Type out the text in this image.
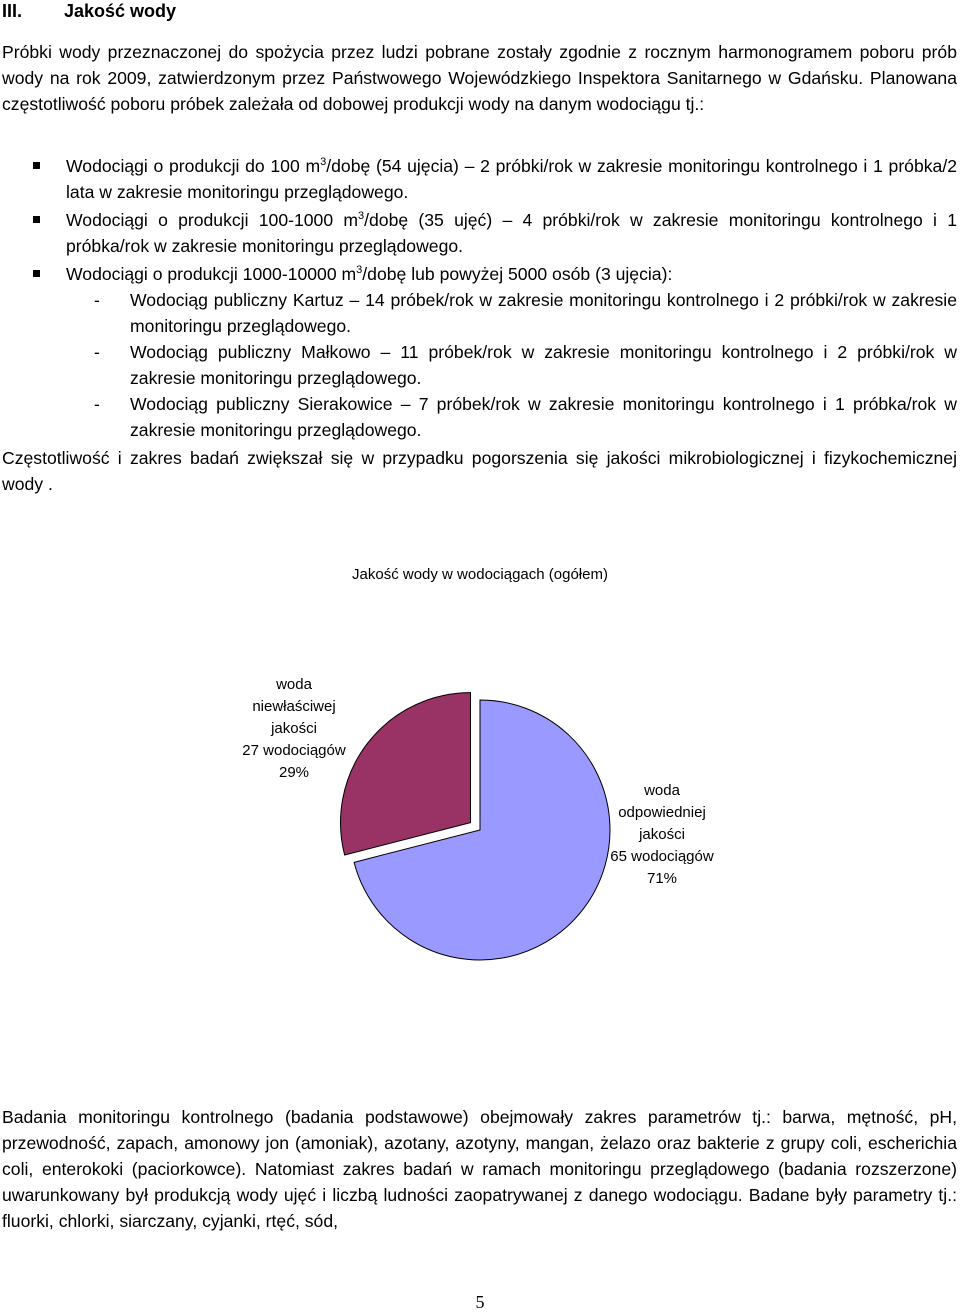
III. Jakość wody
Próbki wody przeznaczonej do spożycia przez ludzi pobrane zostały zgodnie z rocznym harmonogramem poboru prób wody na rok 2009, zatwierdzonym przez Państwowego Wojewódzkiego Inspektora Sanitarnego w Gdańsku. Planowana częstotliwość poboru próbek zależała od dobowej produkcji wody na danym wodociągu tj.:
Wodociągi o produkcji do 100 $m^3$/dobę (54 ujęcia) – 2 próbki/rok w zakresie monitoringu kontrolnego i 1 próbka/2 lata w zakresie monitoringu przeglądowego.
Wodociągi o produkcji 100-1000 $m^3$/dobę (35 ujęć) – 4 próbki/rok w zakresie monitoringu kontrolnego i 1 próbka/rok w zakresie monitoringu przeglądowego.
Wodociągi o produkcji 1000-10000 $m^3$/dobę lub powyżej 5000 osób (3 ujęcia):
- Wodociąg publiczny Kartuz – 14 próbek/rok w zakresie monitoringu kontrolnego i 2 próbki/rok w zakresie monitoringu przeglądowego.
- Wodociąg publiczny Małkowo – 11 próbek/rok w zakresie monitoringu kontrolnego i 2 próbki/rok w zakresie monitoringu przeglądowego.
- Wodociąg publiczny Sierakowice – 7 próbek/rok w zakresie monitoringu kontrolnego i 1 próbka/rok w zakresie monitoringu przeglądowego.
Częstotliwość i zakres badań zwiększał się w przypadku pogorszenia się jakości mikrobiologicznej i fizykochemicznej wody .
Jakość wody w wodociągach (ogółem)
woda
niewłaściwej
jakości
27 wodociągów
29%
woda
odpowiedniej
jakości
65 wodociągów
71%
Badania monitoringu kontrolnego (badania podstawowe) obejmowały zakres parametrów tj.: barwa, mętność, pH, przewodność, zapach, amonowy jon (amoniak), azotany, azotyny, mangan, żelazo oraz bakterie z grupy coli, escherichia coli, enterokoki (paciorkowce). Natomiast zakres badań w ramach monitoringu przeglądowego (badania rozszerzone) uwarunkowany był produkcją wody ujęć i liczbą ludności zaopatrywanej z danego wodociągu. Badane były parametry tj.: fluorki, chlorki, siarczany, cyjanki, rtęć, sód,
5
